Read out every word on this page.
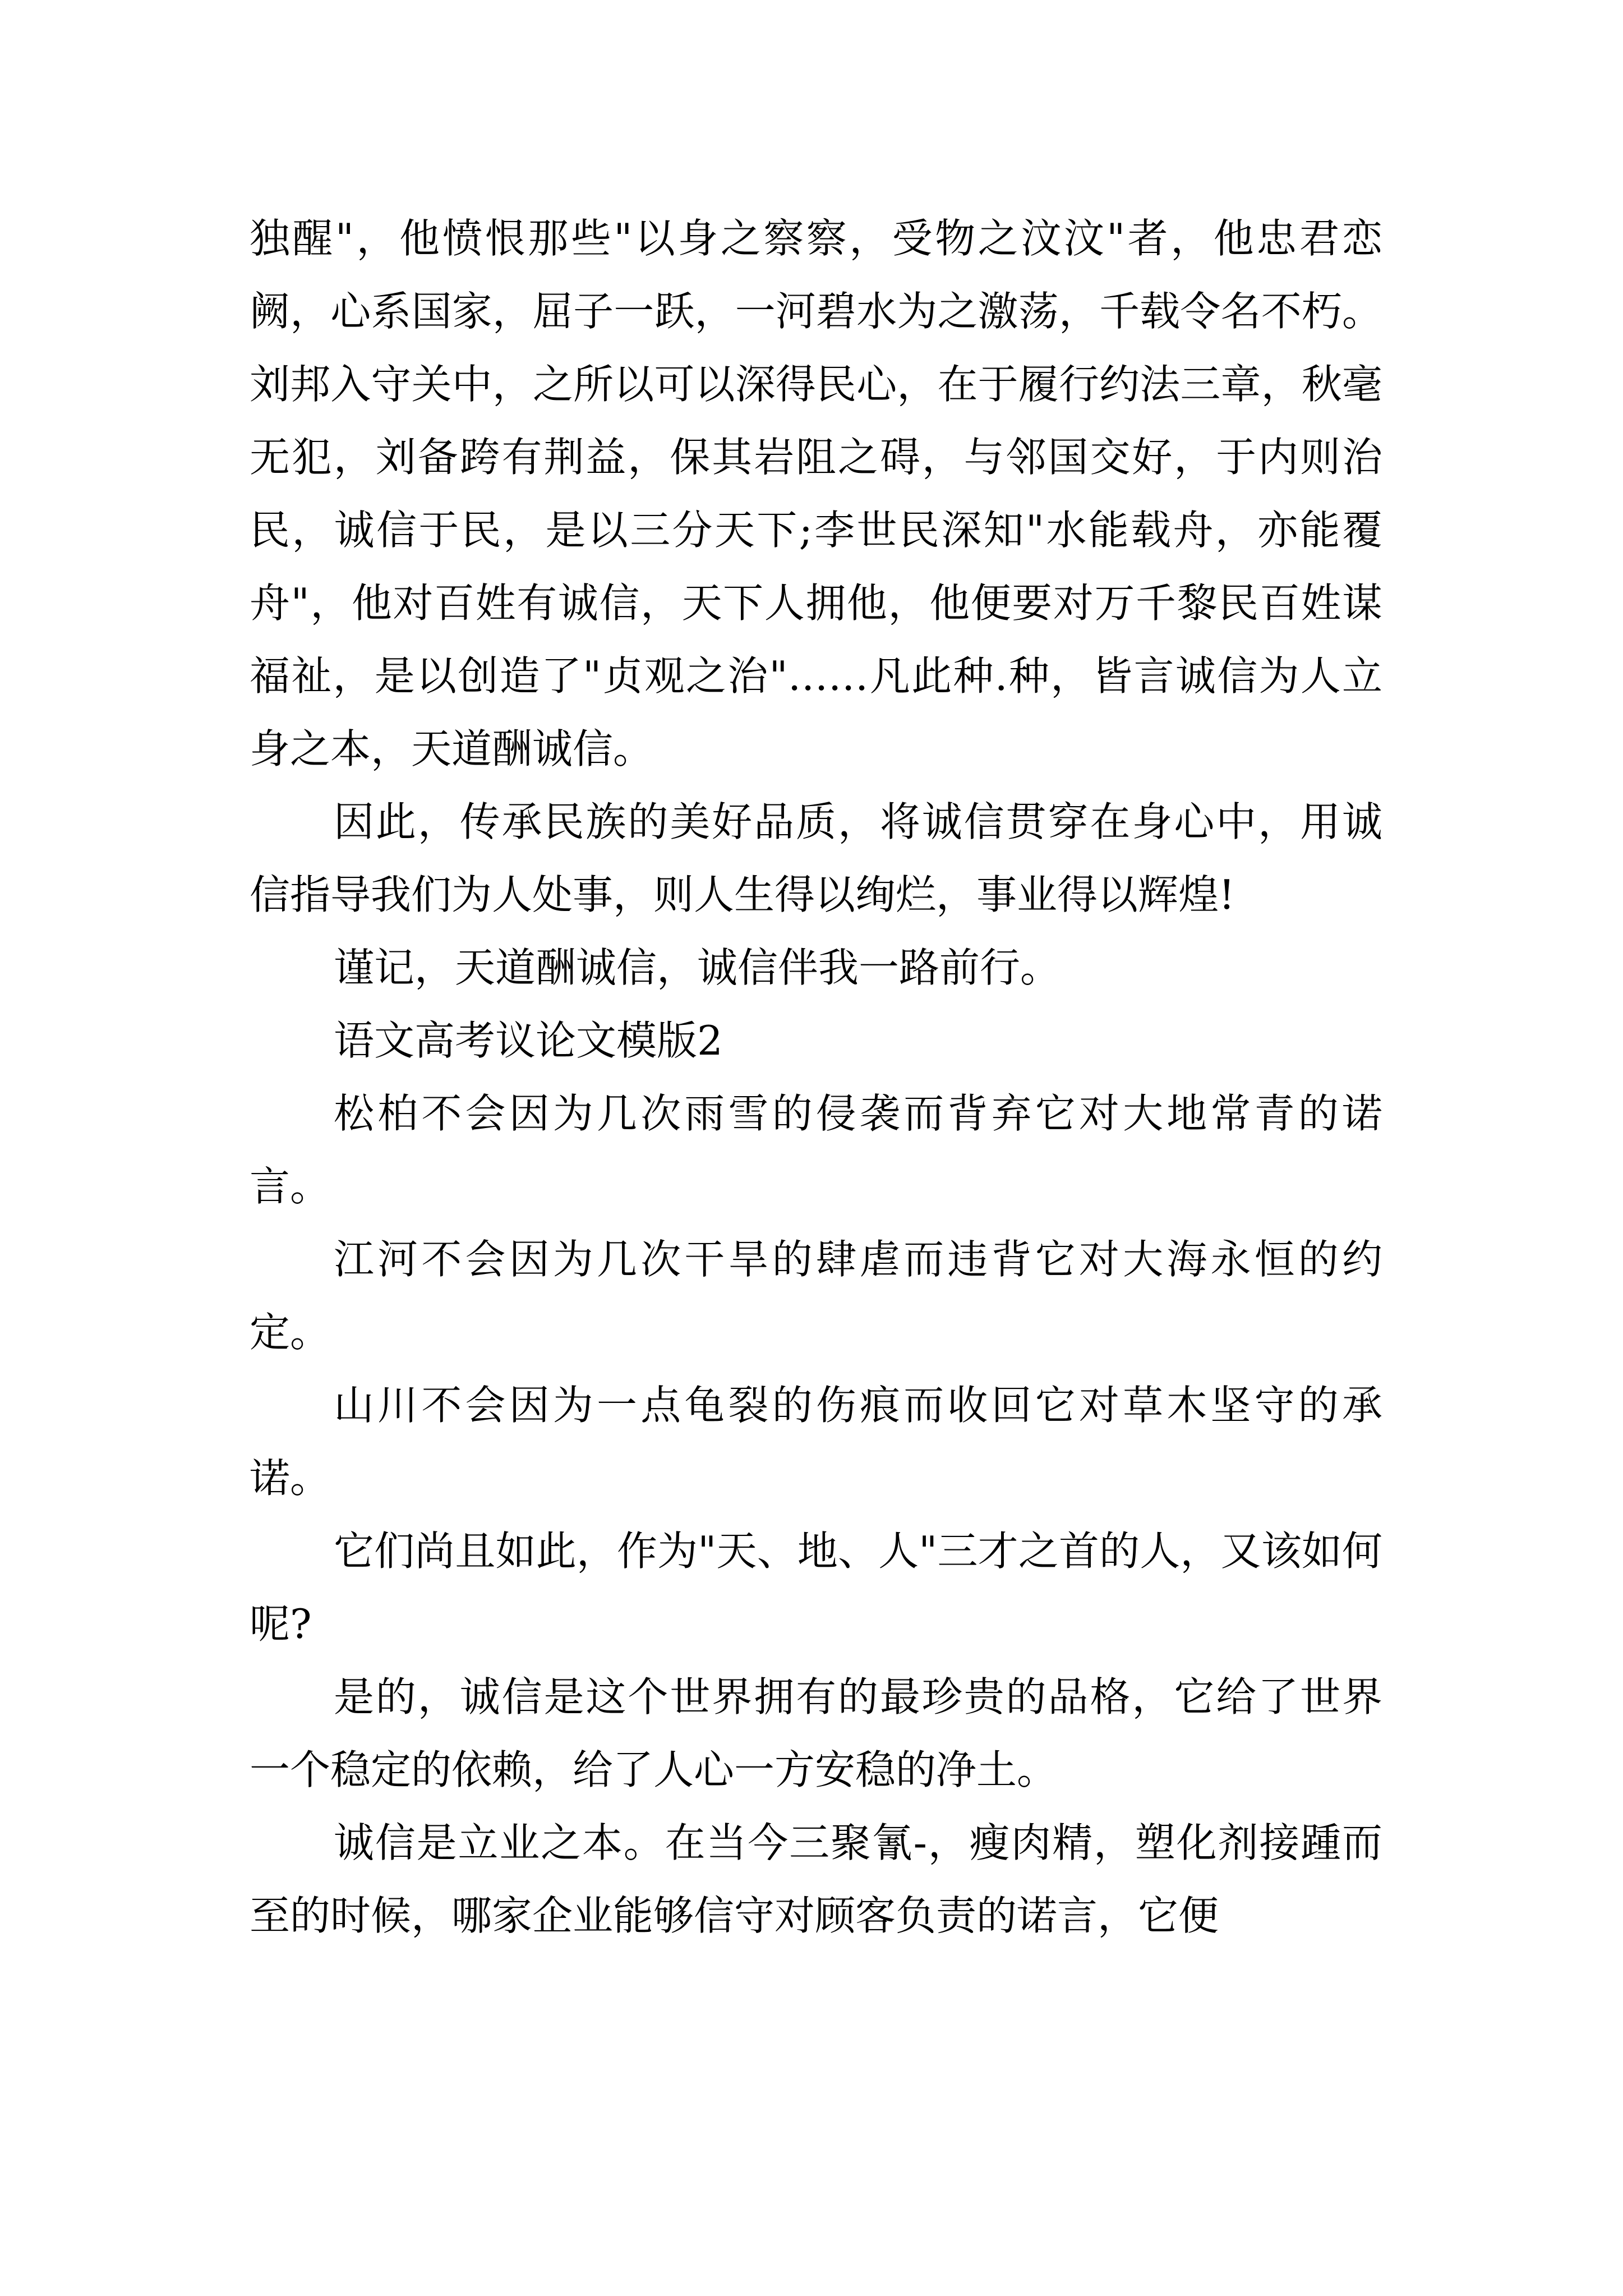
独醒"，他愤恨那些"以身之察察，受物之汶汶"者，他忠君恋阙，心系国家，屈子一跃，一河碧水为之激荡，千载令名不朽。刘邦入守关中，之所以可以深得民心，在于履行约法三章，秋毫无犯，刘备跨有荆益，保其岩阻之碍，与邻国交好，于内则治民，诚信于民，是以三分天下;李世民深知"水能载舟，亦能覆舟"，他对百姓有诚信，天下人拥他，他便要对万千黎民百姓谋福祉，是以创造了"贞观之治"……凡此种.种，皆言诚信为人立身之本，天道酬诚信。

因此，传承民族的美好品质，将诚信贯穿在身心中，用诚信指导我们为人处事，则人生得以绚烂，事业得以辉煌!

谨记，天道酬诚信，诚信伴我一路前行。

语文高考议论文模版2

松柏不会因为几次雨雪的侵袭而背弃它对大地常青的诺言。

江河不会因为几次干旱的肆虐而违背它对大海永恒的约定。

山川不会因为一点龟裂的伤痕而收回它对草木坚守的承诺。

它们尚且如此，作为"天、地、人"三才之首的人，又该如何呢?

是的，诚信是这个世界拥有的最珍贵的品格，它给了世界一个稳定的依赖，给了人心一方安稳的净土。

诚信是立业之本。在当今三聚氰-，瘦肉精，塑化剂接踵而至的时候，哪家企业能够信守对顾客负责的诺言，它便
